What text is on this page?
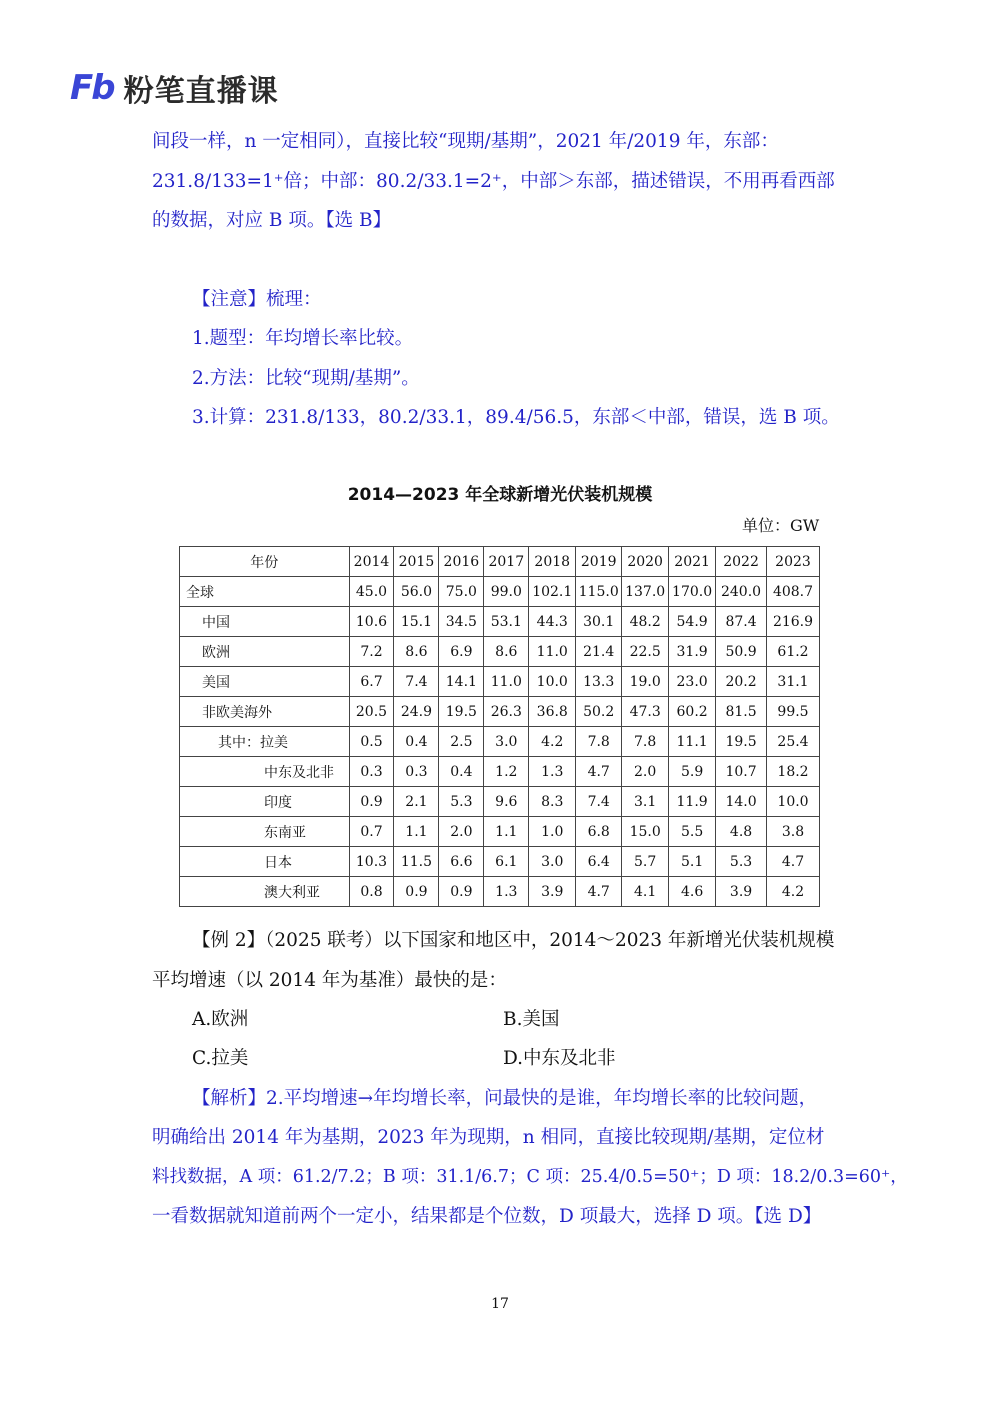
Fb 粉笔直播课
间段一样，n 一定相同），直接比较“现期/基期”，2021 年/2019 年，东部：
231.8/133=1⁺倍；中部：80.2/33.1=2⁺，中部＞东部，描述错误，不用再看西部
的数据，对应 B 项。【选 B】
【注意】梳理：
1.题型：年均增长率比较。
2.方法：比较“现期/基期”。
3.计算：231.8/133，80.2/33.1，89.4/56.5，东部＜中部，错误，选 B 项。
2014—2023 年全球新增光伏装机规模
单位：GW
年份	2014	2015	2016	2017	2018	2019	2020	2021	2022	2023
全球	45.0	56.0	75.0	99.0	102.1	115.0	137.0	170.0	240.0	408.7
中国	10.6	15.1	34.5	53.1	44.3	30.1	48.2	54.9	87.4	216.9
欧洲	7.2	8.6	6.9	8.6	11.0	21.4	22.5	31.9	50.9	61.2
美国	6.7	7.4	14.1	11.0	10.0	13.3	19.0	23.0	20.2	31.1
非欧美海外	20.5	24.9	19.5	26.3	36.8	50.2	47.3	60.2	81.5	99.5
其中：拉美	0.5	0.4	2.5	3.0	4.2	7.8	7.8	11.1	19.5	25.4
中东及北非	0.3	0.3	0.4	1.2	1.3	4.7	2.0	5.9	10.7	18.2
印度	0.9	2.1	5.3	9.6	8.3	7.4	3.1	11.9	14.0	10.0
东南亚	0.7	1.1	2.0	1.1	1.0	6.8	15.0	5.5	4.8	3.8
日本	10.3	11.5	6.6	6.1	3.0	6.4	5.7	5.1	5.3	4.7
澳大利亚	0.8	0.9	0.9	1.3	3.9	4.7	4.1	4.6	3.9	4.2
【例 2】（2025 联考）以下国家和地区中，2014～2023 年新增光伏装机规模
平均增速（以 2014 年为基准）最快的是：
A.欧洲	B.美国
C.拉美	D.中东及北非
【解析】2.平均增速→年均增长率，问最快的是谁，年均增长率的比较问题，
明确给出 2014 年为基期，2023 年为现期，n 相同，直接比较现期/基期，定位材
料找数据，A 项：61.2/7.2；B 项：31.1/6.7；C 项：25.4/0.5=50⁺；D 项：18.2/0.3=60⁺，
一看数据就知道前两个一定小，结果都是个位数，D 项最大，选择 D 项。【选 D】
17
